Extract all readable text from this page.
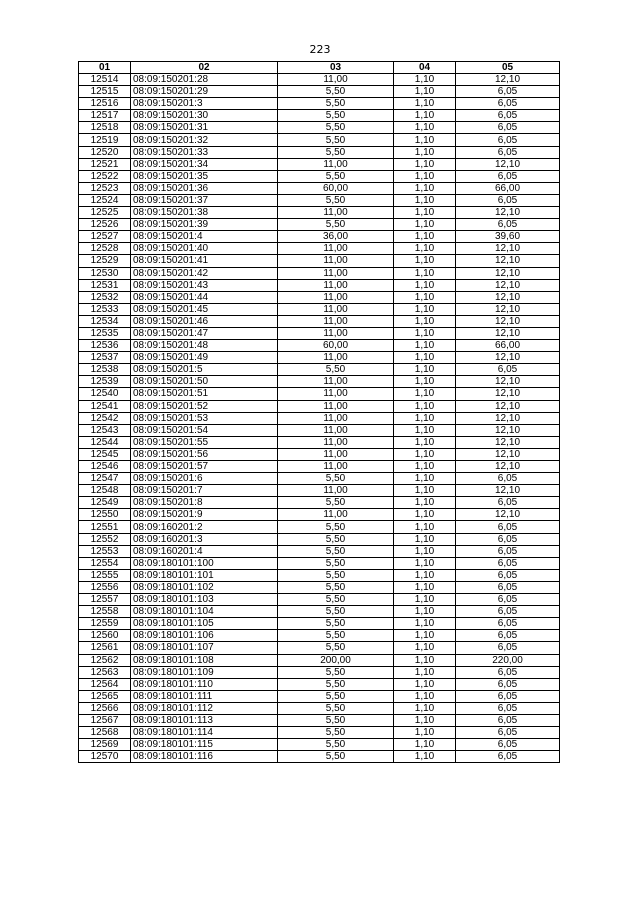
223
01	02	03	04	05
12514	08:09:150201:28	11,00	1,10	12,10
12515	08:09:150201:29	5,50	1,10	6,05
12516	08:09:150201:3	5,50	1,10	6,05
12517	08:09:150201:30	5,50	1,10	6,05
12518	08:09:150201:31	5,50	1,10	6,05
12519	08:09:150201:32	5,50	1,10	6,05
12520	08:09:150201:33	5,50	1,10	6,05
12521	08:09:150201:34	11,00	1,10	12,10
12522	08:09:150201:35	5,50	1,10	6,05
12523	08:09:150201:36	60,00	1,10	66,00
12524	08:09:150201:37	5,50	1,10	6,05
12525	08:09:150201:38	11,00	1,10	12,10
12526	08:09:150201:39	5,50	1,10	6,05
12527	08:09:150201:4	36,00	1,10	39,60
12528	08:09:150201:40	11,00	1,10	12,10
12529	08:09:150201:41	11,00	1,10	12,10
12530	08:09:150201:42	11,00	1,10	12,10
12531	08:09:150201:43	11,00	1,10	12,10
12532	08:09:150201:44	11,00	1,10	12,10
12533	08:09:150201:45	11,00	1,10	12,10
12534	08:09:150201:46	11,00	1,10	12,10
12535	08:09:150201:47	11,00	1,10	12,10
12536	08:09:150201:48	60,00	1,10	66,00
12537	08:09:150201:49	11,00	1,10	12,10
12538	08:09:150201:5	5,50	1,10	6,05
12539	08:09:150201:50	11,00	1,10	12,10
12540	08:09:150201:51	11,00	1,10	12,10
12541	08:09:150201:52	11,00	1,10	12,10
12542	08:09:150201:53	11,00	1,10	12,10
12543	08:09:150201:54	11,00	1,10	12,10
12544	08:09:150201:55	11,00	1,10	12,10
12545	08:09:150201:56	11,00	1,10	12,10
12546	08:09:150201:57	11,00	1,10	12,10
12547	08:09:150201:6	5,50	1,10	6,05
12548	08:09:150201:7	11,00	1,10	12,10
12549	08:09:150201:8	5,50	1,10	6,05
12550	08:09:150201:9	11,00	1,10	12,10
12551	08:09:160201:2	5,50	1,10	6,05
12552	08:09:160201:3	5,50	1,10	6,05
12553	08:09:160201:4	5,50	1,10	6,05
12554	08:09:180101:100	5,50	1,10	6,05
12555	08:09:180101:101	5,50	1,10	6,05
12556	08:09:180101:102	5,50	1,10	6,05
12557	08:09:180101:103	5,50	1,10	6,05
12558	08:09:180101:104	5,50	1,10	6,05
12559	08:09:180101:105	5,50	1,10	6,05
12560	08:09:180101:106	5,50	1,10	6,05
12561	08:09:180101:107	5,50	1,10	6,05
12562	08:09:180101:108	200,00	1,10	220,00
12563	08:09:180101:109	5,50	1,10	6,05
12564	08:09:180101:110	5,50	1,10	6,05
12565	08:09:180101:111	5,50	1,10	6,05
12566	08:09:180101:112	5,50	1,10	6,05
12567	08:09:180101:113	5,50	1,10	6,05
12568	08:09:180101:114	5,50	1,10	6,05
12569	08:09:180101:115	5,50	1,10	6,05
12570	08:09:180101:116	5,50	1,10	6,05
